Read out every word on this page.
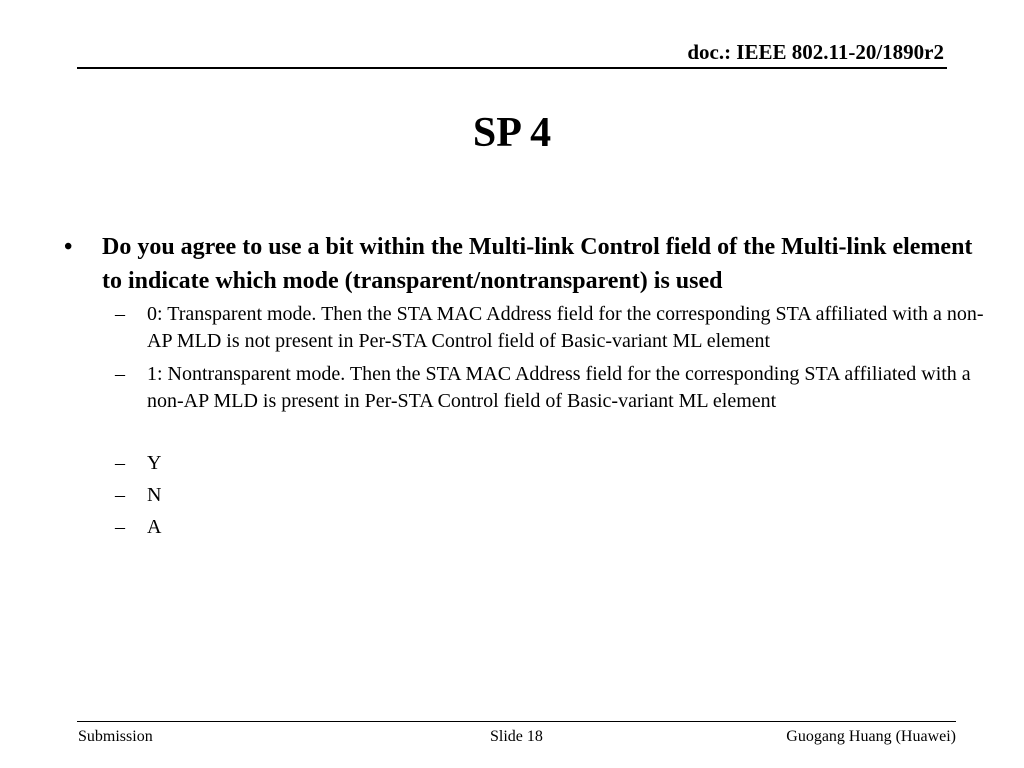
doc.: IEEE 802.11-20/1890r2
SP 4
• Do you agree to use a bit within the Multi-link Control field of the Multi-link element to indicate which mode (transparent/nontransparent) is used
– 0: Transparent mode. Then the STA MAC Address field for the corresponding STA affiliated with a non-AP MLD is not present in Per-STA Control field of Basic-variant ML element
– 1: Nontransparent mode. Then the STA MAC Address field for the corresponding STA affiliated with a non-AP MLD is present in Per-STA Control field of Basic-variant ML element
– Y
– N
– A
Submission	Slide 18	Guogang Huang (Huawei)
